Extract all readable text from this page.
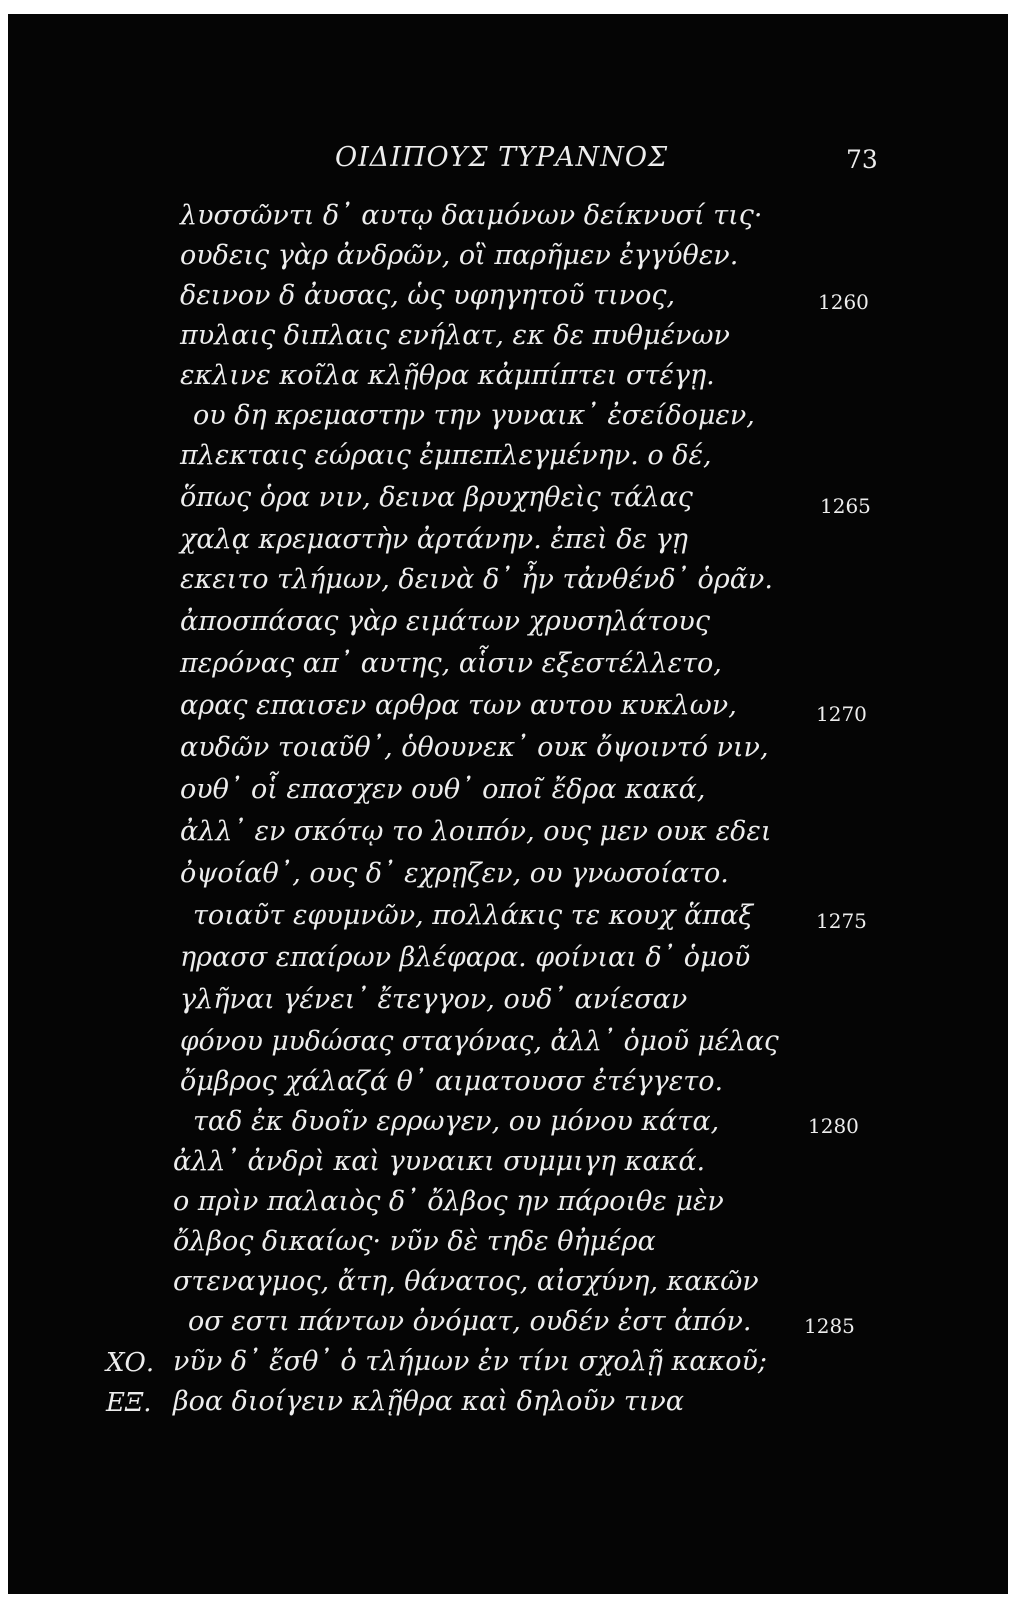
ΟΙΔΙΠΟΥΣ ΤΥΡΑΝΝΟΣ	73
λυσσῶντι δ᾽ αυτῳ δαιμόνων δείκνυσί τις·
ουδεις γὰρ ἀνδρῶν, οἳ παρῆμεν ἐγγύθεν.
δεινον δ ἀυσας, ὡς υφηγητοῦ τινος,
πυλαις διπλαις ενήλατ, εκ δε πυθμένων
εκλινε κοῖλα κλῇθρα κἀμπίπτει στέγῃ.
ου δη κρεμαστην την γυναικ᾽ ἐσείδομεν,
πλεκταις εώραις ἐμπεπλεγμένην. ο δέ,
ὅπως ὁρα νιν, δεινα βρυχηθεὶς τάλας
χαλᾳ κρεμαστὴν ἀρτάνην. ἐπεὶ δε γῃ
εκειτο τλήμων, δεινὰ δ᾽ ἦν τἀνθένδ᾽ ὁρᾶν.
ἀποσπάσας γὰρ ειμάτων χρυσηλάτους
περόνας απ᾽ αυτης, αἷσιν εξεστέλλετο,
αρας επαισεν αρθρα των αυτου κυκλων,
αυδῶν τοιαῦθ᾽, ὁθουνεκ᾽ ουκ ὄψοιντό νιν,
ουθ᾽ οἷ επασχεν ουθ᾽ οποῖ ἔδρα κακά,
ἀλλ᾽ εν σκότῳ το λοιπόν, ους μεν ουκ εδει
ὀψοίαθ᾽, ους δ᾽ εχρῃζεν, ου γνωσοίατο.
τοιαῦτ εφυμνῶν, πολλάκις τε κουχ ἅπαξ
ηρασσ επαίρων βλέφαρα. φοίνιαι δ᾽ ὁμοῦ
γλῆναι γένει᾽ ἔτεγγον, ουδ᾽ ανίεσαν
φόνου μυδώσας σταγόνας, ἀλλ᾽ ὁμοῦ μέλας
ὄμβρος χάλαζά θ᾽ αιματουσσ ἐτέγγετο.
ταδ ἐκ δυοῖν ερρωγεν, ου μόνου κάτα,
ἀλλ᾽ ἀνδρὶ καὶ γυναικι συμμιγη κακά.
ο πρὶν παλαιὸς δ᾽ ὄλβος ην πάροιθε μὲν
ὄλβος δικαίως· νῦν δὲ τηδε θἠμέρα
στεναγμος, ἄτη, θάνατος, αἰσχύνη, κακῶν
οσ εστι πάντων ὀνόματ, ουδέν ἐστ ἀπόν.
νῦν δ᾽ ἔσθ᾽ ὁ τλήμων ἐν τίνι σχολῇ κακοῦ;
βοα διοίγειν κλῇθρα καὶ δηλοῦν τινα
ΧΟ.
ΕΞ.
1260
1265
1270
1275
1280
1285
